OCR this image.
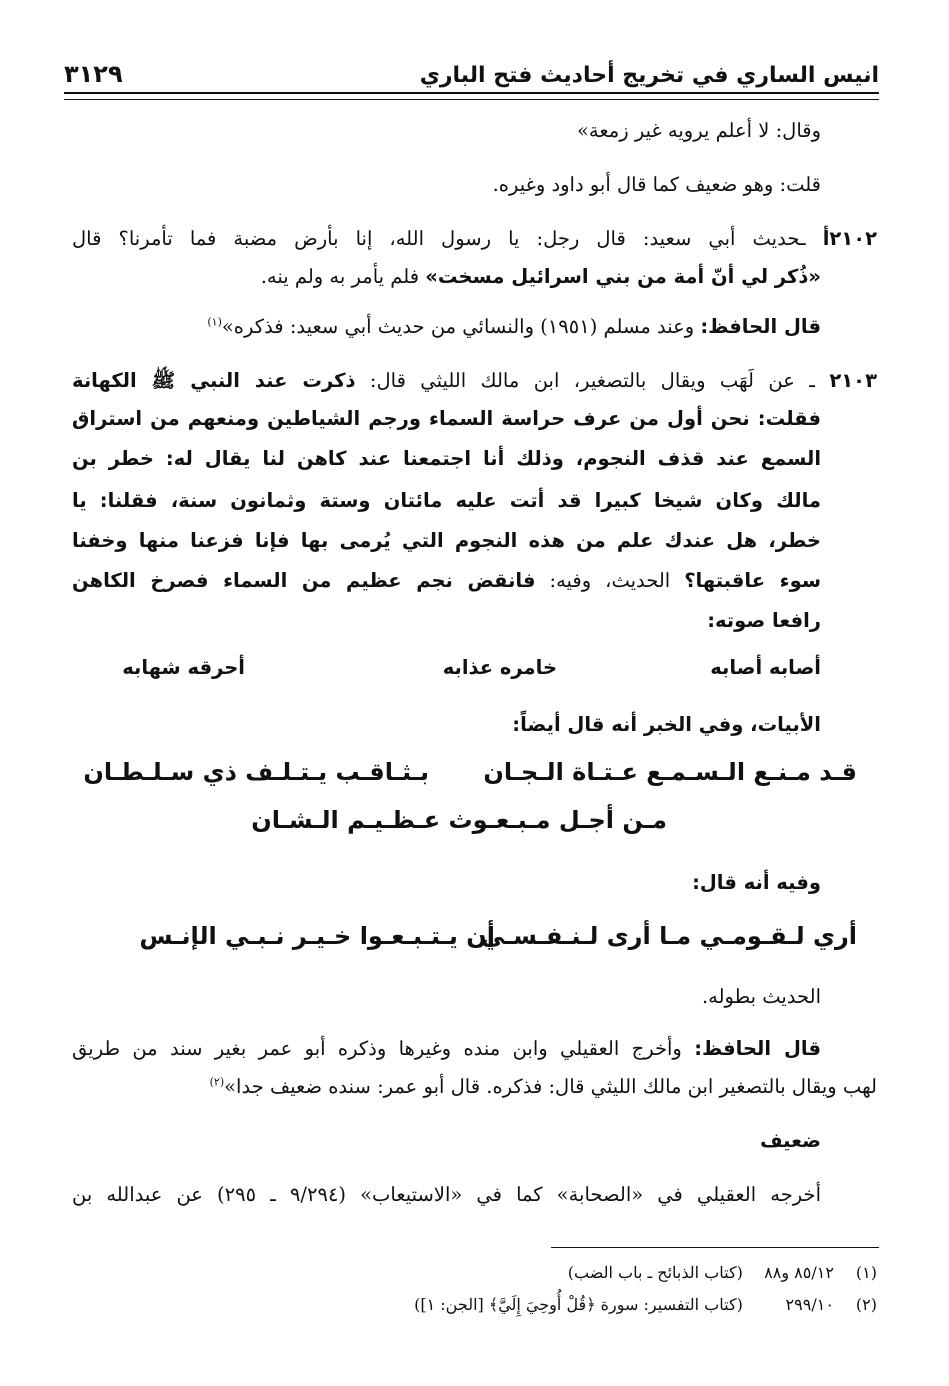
انيس الساري في تخريج أحاديث فتح الباري
٣١٢٩
وقال: لا أعلم يرويه غير زمعة»
قلت: وهو ضعيف كما قال أبو داود وغيره.
٢١٠٢أ ـحديث أبي سعيد: قال رجل: يا رسول الله، إنا بأرض مضبة فما تأمرنا؟ قال
«ذُكر لي أنّ أمة من بني اسرائيل مسخت» فلم يأمر به ولم ينه.
قال الحافظ: وعند مسلم (١٩٥١) والنسائي من حديث أبي سعيد: فذكره»$^{(١)}$
٢١٠٣ ـ عن لَهَب ويقال بالتصغير، ابن مالك الليثي قال: ذكرت عند النبي ﷺ الكهانة
فقلت: نحن أول من عرف حراسة السماء ورجم الشياطين ومنعهم من استراق
السمع عند قذف النجوم، وذلك أنا اجتمعنا عند كاهن لنا يقال له: خطر بن
مالك وكان شيخا كبيرا قد أتت عليه مائتان وستة وثمانون سنة، فقلنا: يا
خطر، هل عندك علم من هذه النجوم التي يُرمى بها فإنا فزعنا منها وخفنا
سوء عاقبتها؟ الحديث، وفيه: فانقض نجم عظيم من السماء فصرخ الكاهن
رافعا صوته:
أصابه أصابه
خامره عذابه
أحرقه شهابه
الأبيات، وفي الخبر أنه قال أيضاً:
قـد مـنـع الـسـمـع عـتـاة الـجـان
بـثـاقـب يـتـلـف ذي سـلـطـان
مـن أجـل مـبـعـوث عـظـيـم الـشـان
وفيه أنه قال:
أري لـقـومـي مـا أرى لـنـفـسـي
أن يـتـبـعـوا خـيـر نـبـي الإنـس
الحديث بطوله.
قال الحافظ: وأخرج العقيلي وابن منده وغيرها وذكره أبو عمر بغير سند من طريق
لهب ويقال بالتصغير ابن مالك الليثي قال: فذكره. قال أبو عمر: سنده ضعيف جدا»$^{(٢)}$
ضعيف
أخرجه العقيلي في «الصحابة» كما في «الاستيعاب» (٩/٢٩٤ ـ ٢٩٥) عن عبدالله بن
(١) ٨٥/١٢ و٨٨ (كتاب الذبائح ـ باب الضب)
(٢) ٢٩٩/١٠ (كتاب التفسير: سورة ﴿قُلْ أُوحِيَ إِلَيَّ﴾ [الجن: ١])
